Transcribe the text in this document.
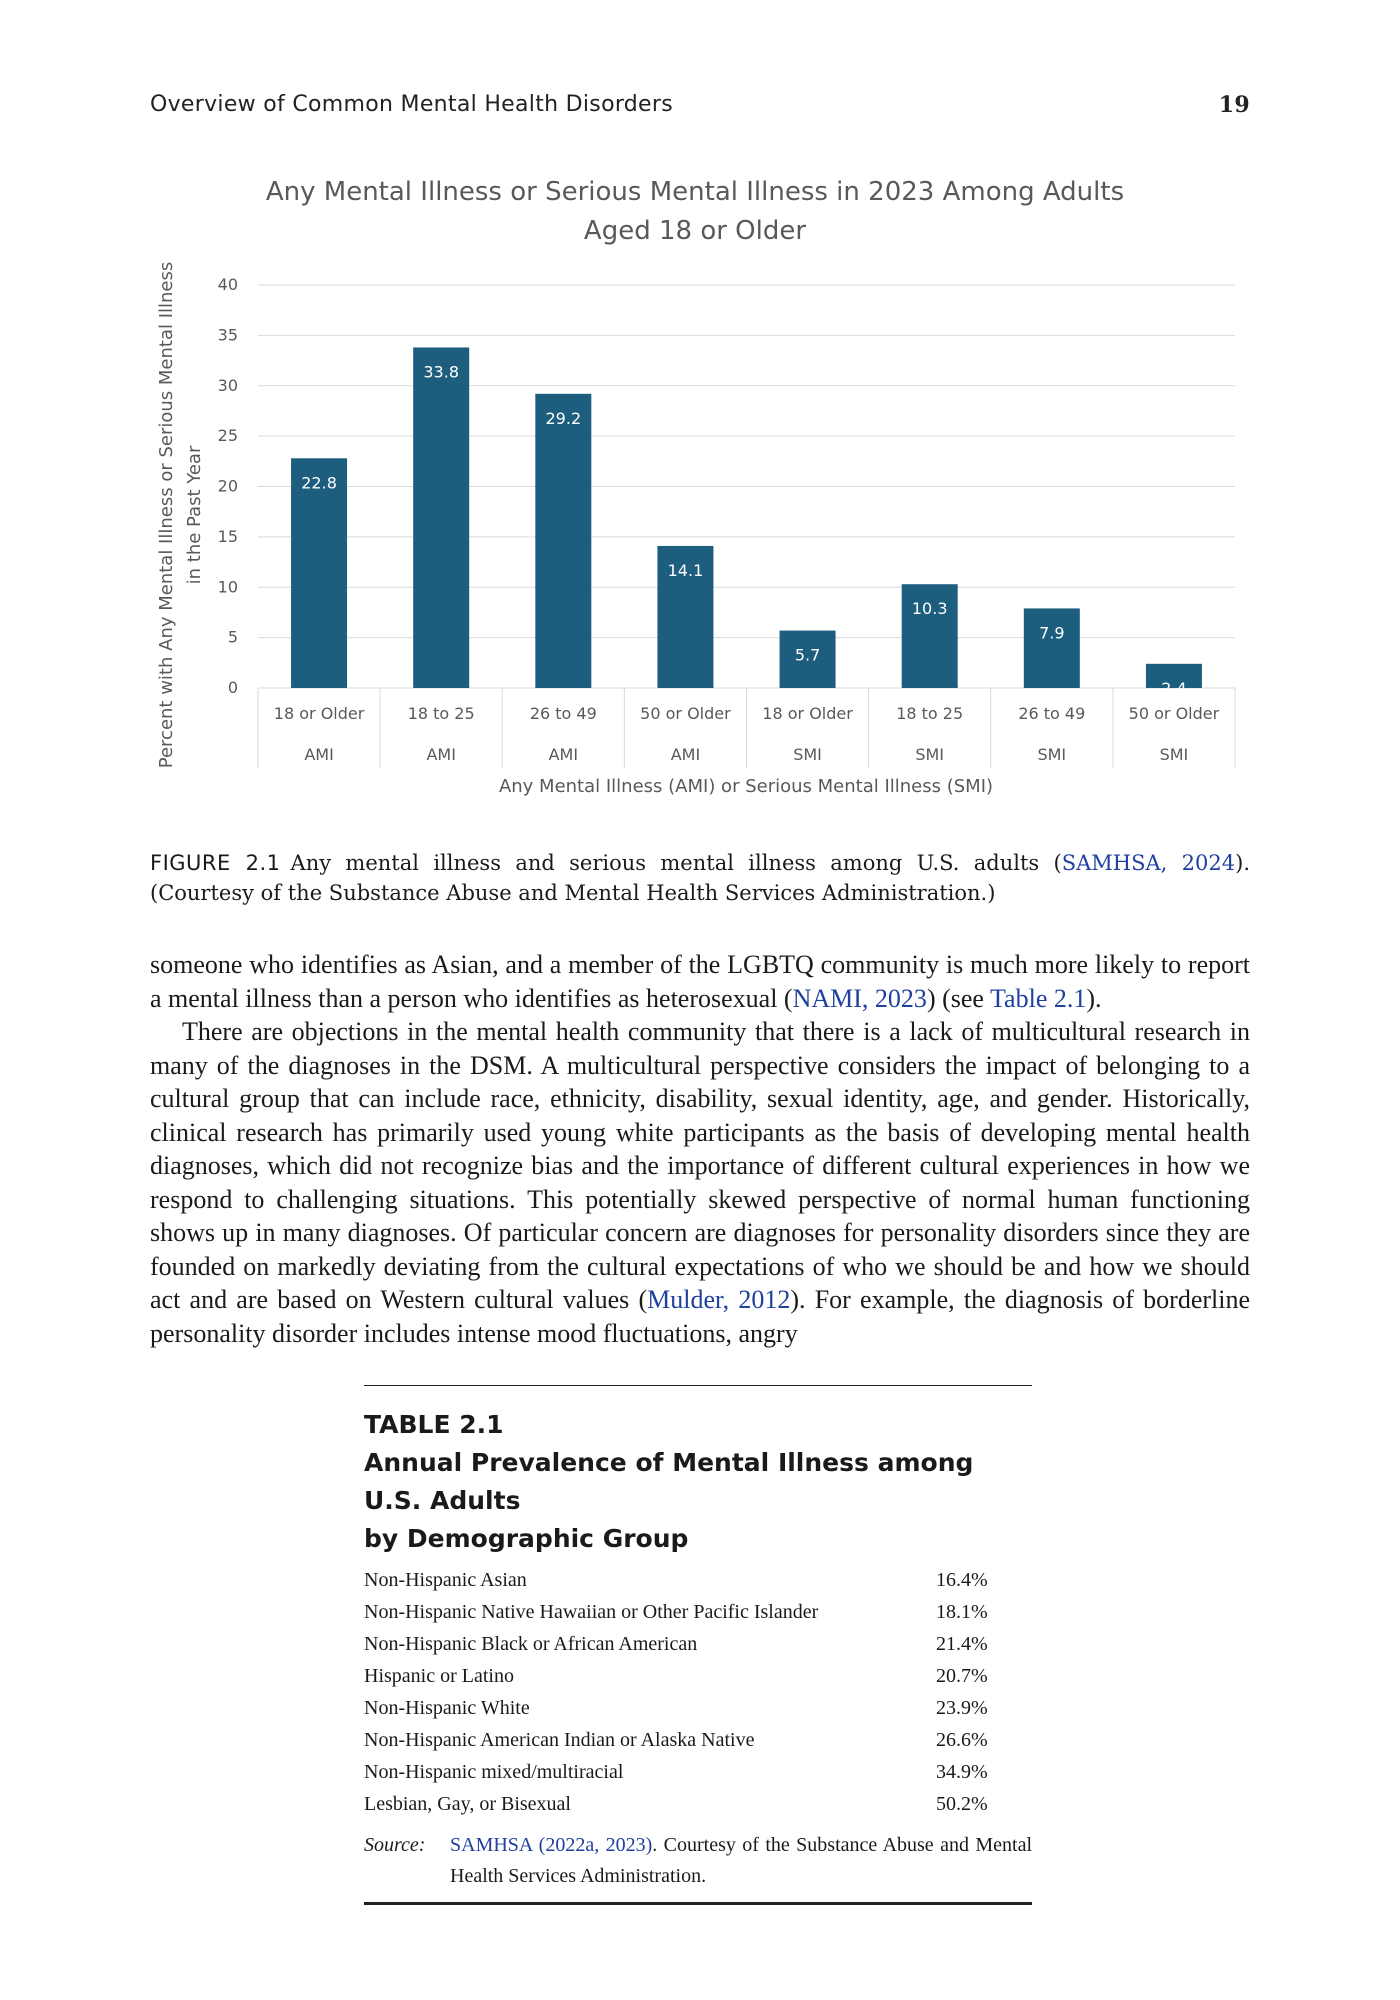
Overview of Common Mental Health Disorders	19
Any Mental Illness or Serious Mental Illness in 2023 Among Adults
Aged 18 or Older
0
5
10
15
20
25
30
35
40
22.8
18 or Older
AMI
33.8
18 to 25
AMI
29.2
26 to 49
AMI
14.1
50 or Older
AMI
5.7
18 or Older
SMI
10.3
18 to 25
SMI
7.9
26 to 49
SMI
2.4
50 or Older
SMI
Any Mental Illness (AMI) or Serious Mental Illness (SMI)
Percent with Any Mental Illness or Serious Mental Illness in the Past Year
FIGURE 2.1 Any mental illness and serious mental illness among U.S. adults (SAMHSA, 2024). (Courtesy of the Substance Abuse and Mental Health Services Administration.)

someone who identifies as Asian, and a member of the LGBTQ community is much more likely to report a mental illness than a person who identifies as heterosexual (NAMI, 2023) (see Table 2.1).

There are objections in the mental health community that there is a lack of multicultural research in many of the diagnoses in the DSM. A multicultural perspective considers the impact of belonging to a cultural group that can include race, ethnicity, disability, sexual identity, age, and gender. Historically, clinical research has primarily used young white participants as the basis of developing mental health diagnoses, which did not recognize bias and the importance of different cultural experiences in how we respond to challenging situations. This potentially skewed perspective of normal human functioning shows up in many diagnoses. Of particular concern are diagnoses for personality disorders since they are founded on markedly deviating from the cultural expectations of who we should be and how we should act and are based on Western cultural values (Mulder, 2012). For example, the diagnosis of borderline personality disorder includes intense mood fluctuations, angry

TABLE 2.1
Annual Prevalence of Mental Illness among U.S. Adults
by Demographic Group
Non-Hispanic Asian	16.4%
Non-Hispanic Native Hawaiian or Other Pacific Islander	18.1%
Non-Hispanic Black or African American	21.4%
Hispanic or Latino	20.7%
Non-Hispanic White	23.9%
Non-Hispanic American Indian or Alaska Native	26.6%
Non-Hispanic mixed/multiracial	34.9%
Lesbian, Gay, or Bisexual	50.2%
Source:	SAMHSA (2022a, 2023). Courtesy of the Substance Abuse and Mental Health Services Administration.
